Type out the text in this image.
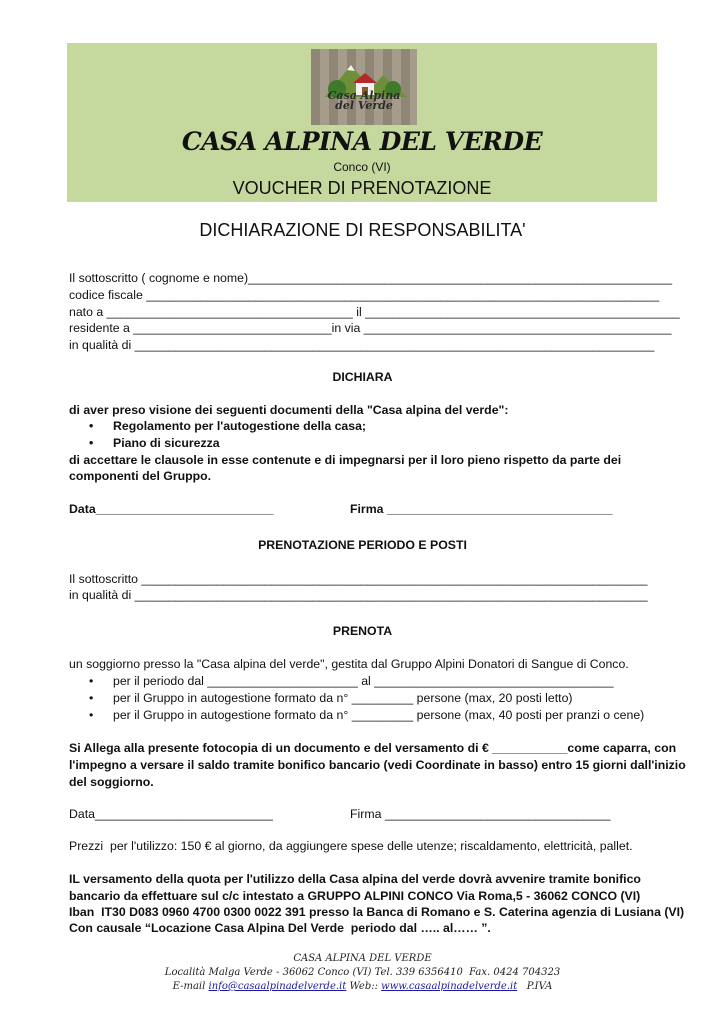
Casa Alpina
del Verde
CASA ALPINA DEL VERDE
Conco (VI)
VOUCHER DI PRENOTAZIONE
DICHIARAZIONE DI RESPONSABILITA'
Il sottoscritto ( cognome e nome)______________________________________________________________
codice fiscale ___________________________________________________________________________
nato a ____________________________________ il ______________________________________________
residente a _____________________________in via _____________________________________________
in qualità di ____________________________________________________________________________
DICHIARA
di aver preso visione dei seguenti documenti della "Casa alpina del verde":
• Regolamento per l'autogestione della casa;
• Piano di sicurezza
di accettare le clausole in esse contenute e di impegnarsi per il loro pieno rispetto da parte dei
componenti del Gruppo.
Data__________________________	Firma _________________________________
PRENOTAZIONE PERIODO E POSTI
Il sottoscritto __________________________________________________________________________
in qualità di ___________________________________________________________________________
PRENOTA
un soggiorno presso la "Casa alpina del verde", gestita dal Gruppo Alpini Donatori di Sangue di Conco.
• per il periodo dal ______________________ al ___________________________________
• per il Gruppo in autogestione formato da n° _________ persone (max, 20 posti letto)
• per il Gruppo in autogestione formato da n° _________ persone (max, 40 posti per pranzi o cene)
Si Allega alla presente fotocopia di un documento e del versamento di € ___________come caparra, con
l'impegno a versare il saldo tramite bonifico bancario (vedi Coordinate in basso) entro 15 giorni dall'inizio
del soggiorno.
Data__________________________	Firma _________________________________
Prezzi  per l'utilizzo: 150 € al giorno, da aggiungere spese delle utenze; riscaldamento, elettricità, pallet.
IL versamento della quota per l'utilizzo della Casa alpina del verde dovrà avvenire tramite bonifico
bancario da effettuare sul c/c intestato a GRUPPO ALPINI CONCO Via Roma,5 - 36062 CONCO (VI)
Iban  IT30 D083 0960 4700 0300 0022 391 presso la Banca di Romano e S. Caterina agenzia di Lusiana (VI)
Con causale “Locazione Casa Alpina Del Verde  periodo dal ….. al…… ”.
CASA ALPINA DEL VERDE
Località Malga Verde - 36062 Conco (VI) Tel. 339 6356410  Fax. 0424 704323
E-mail info@casaalpinadelverde.it Web:: www.casaalpinadelverde.it   P.IVA
